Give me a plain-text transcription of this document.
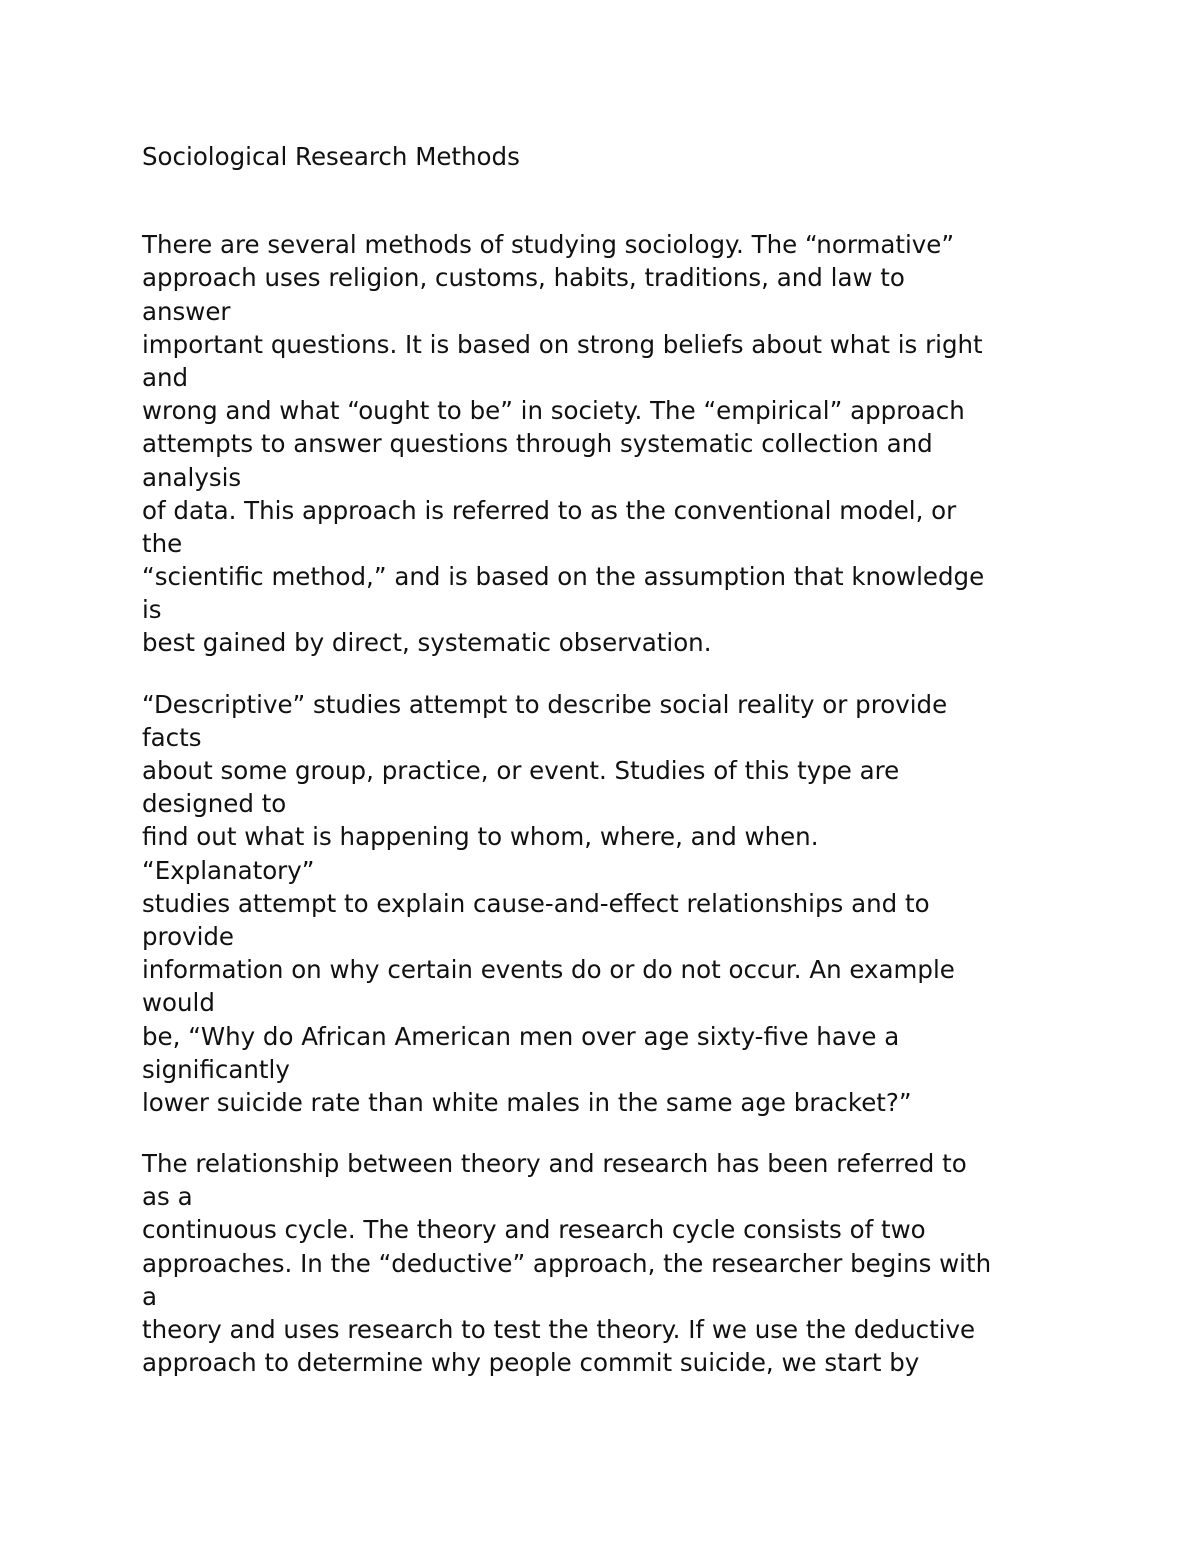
Sociological Research Methods
There are several methods of studying sociology. The “normative”
approach uses religion, customs, habits, traditions, and law to
answer
important questions. It is based on strong beliefs about what is right
and
wrong and what “ought to be” in society. The “empirical” approach
attempts to answer questions through systematic collection and
analysis
of data. This approach is referred to as the conventional model, or
the
“scientific method,” and is based on the assumption that knowledge
is
best gained by direct, systematic observation.
“Descriptive” studies attempt to describe social reality or provide
facts
about some group, practice, or event. Studies of this type are
designed to
find out what is happening to whom, where, and when.
“Explanatory”
studies attempt to explain cause-and-effect relationships and to
provide
information on why certain events do or do not occur. An example
would
be, “Why do African American men over age sixty-five have a
significantly
lower suicide rate than white males in the same age bracket?”
The relationship between theory and research has been referred to
as a
continuous cycle. The theory and research cycle consists of two
approaches. In the “deductive” approach, the researcher begins with
a
theory and uses research to test the theory. If we use the deductive
approach to determine why people commit suicide, we start by
